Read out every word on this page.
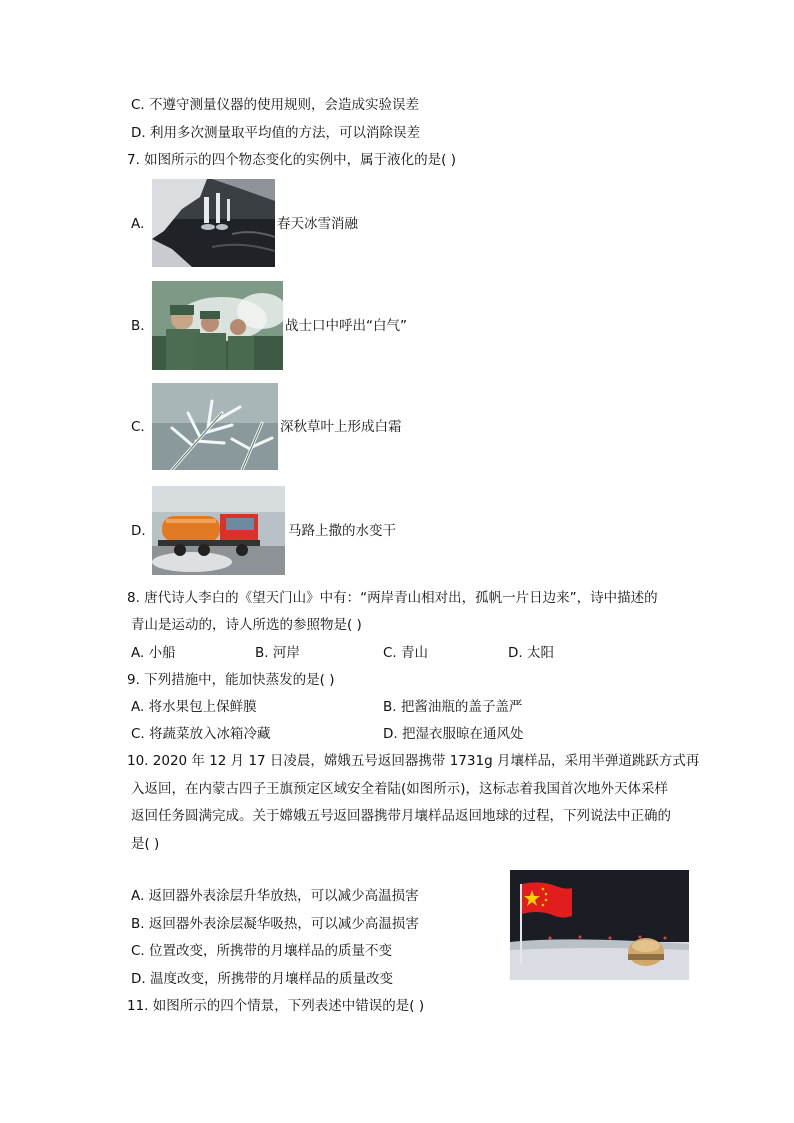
C. 不遵守测量仪器的使用规则，会造成实验误差
D. 利用多次测量取平均值的方法，可以消除误差
7. 如图所示的四个物态变化的实例中，属于液化的是( )
A.	春天冰雪消融
B.	战士口中呼出“白气”
C.	深秋草叶上形成白霜
D.	马路上撒的水变干
8. 唐代诗人李白的《望天门山》中有：“两岸青山相对出，孤帆一片日边来”，诗中描述的
青山是运动的，诗人所选的参照物是( )
A. 小船	B. 河岸	C. 青山	D. 太阳
9. 下列措施中，能加快蒸发的是( )
A. 将水果包上保鲜膜	B. 把酱油瓶的盖子盖严
C. 将蔬菜放入冰箱冷藏	D. 把湿衣服晾在通风处
10. 2020 年 12 月 17 日凌晨，嫦娥五号返回器携带 1731g 月壤样品，采用半弹道跳跃方式再
入返回，在内蒙古四子王旗预定区域安全着陆(如图所示)，这标志着我国首次地外天体采样
返回任务圆满完成。关于嫦娥五号返回器携带月壤样品返回地球的过程，下列说法中正确的
是( )
A. 返回器外表涂层升华放热，可以减少高温损害
B. 返回器外表涂层凝华吸热，可以减少高温损害
C. 位置改变，所携带的月壤样品的质量不变
D. 温度改变，所携带的月壤样品的质量改变
11. 如图所示的四个情景，下列表述中错误的是( )
